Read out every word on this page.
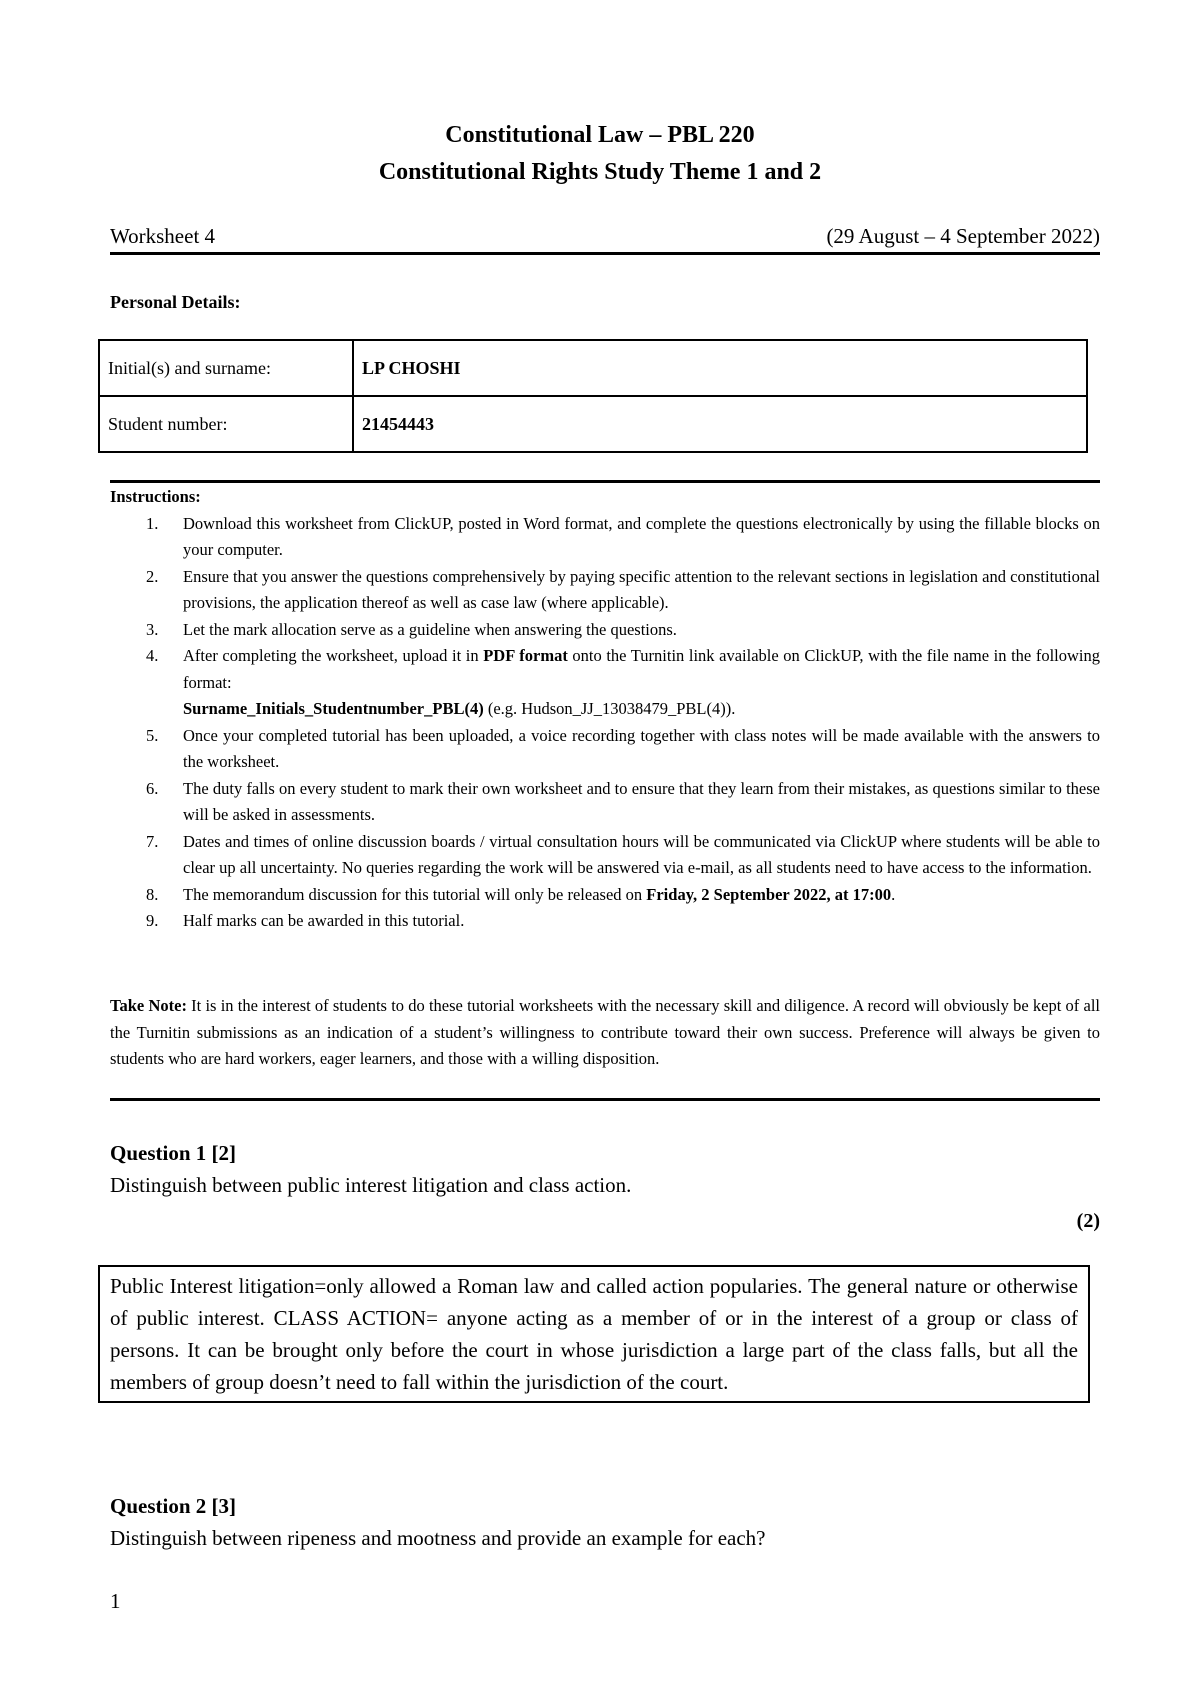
Constitutional Law – PBL 220
Constitutional Rights Study Theme 1 and 2
Worksheet 4	(29 August – 4 September 2022)
Personal Details:
Initial(s) and surname:	LP CHOSHI
Student number:	21454443
Instructions:
1. Download this worksheet from ClickUP, posted in Word format, and complete the questions electronically by using the fillable blocks on your computer.
2. Ensure that you answer the questions comprehensively by paying specific attention to the relevant sections in legislation and constitutional provisions, the application thereof as well as case law (where applicable).
3. Let the mark allocation serve as a guideline when answering the questions.
4. After completing the worksheet, upload it in PDF format onto the Turnitin link available on ClickUP, with the file name in the following format:
Surname_Initials_Studentnumber_PBL(4) (e.g. Hudson_JJ_13038479_PBL(4)).
5. Once your completed tutorial has been uploaded, a voice recording together with class notes will be made available with the answers to the worksheet.
6. The duty falls on every student to mark their own worksheet and to ensure that they learn from their mistakes, as questions similar to these will be asked in assessments.
7. Dates and times of online discussion boards / virtual consultation hours will be communicated via ClickUP where students will be able to clear up all uncertainty. No queries regarding the work will be answered via e-mail, as all students need to have access to the information.
8. The memorandum discussion for this tutorial will only be released on Friday, 2 September 2022, at 17:00.
9. Half marks can be awarded in this tutorial.
Take Note: It is in the interest of students to do these tutorial worksheets with the necessary skill and diligence. A record will obviously be kept of all the Turnitin submissions as an indication of a student’s willingness to contribute toward their own success. Preference will always be given to students who are hard workers, eager learners, and those with a willing disposition.
Question 1 [2]
Distinguish between public interest litigation and class action.
(2)
Public Interest litigation=only allowed a Roman law and called action popularies. The general nature or otherwise of public interest. CLASS ACTION= anyone acting as a member of or in the interest of a group or class of persons. It can be brought only before the court in whose jurisdiction a large part of the class falls, but all the members of group doesn’t need to fall within the jurisdiction of the court.
Question 2 [3]
Distinguish between ripeness and mootness and provide an example for each?
1
